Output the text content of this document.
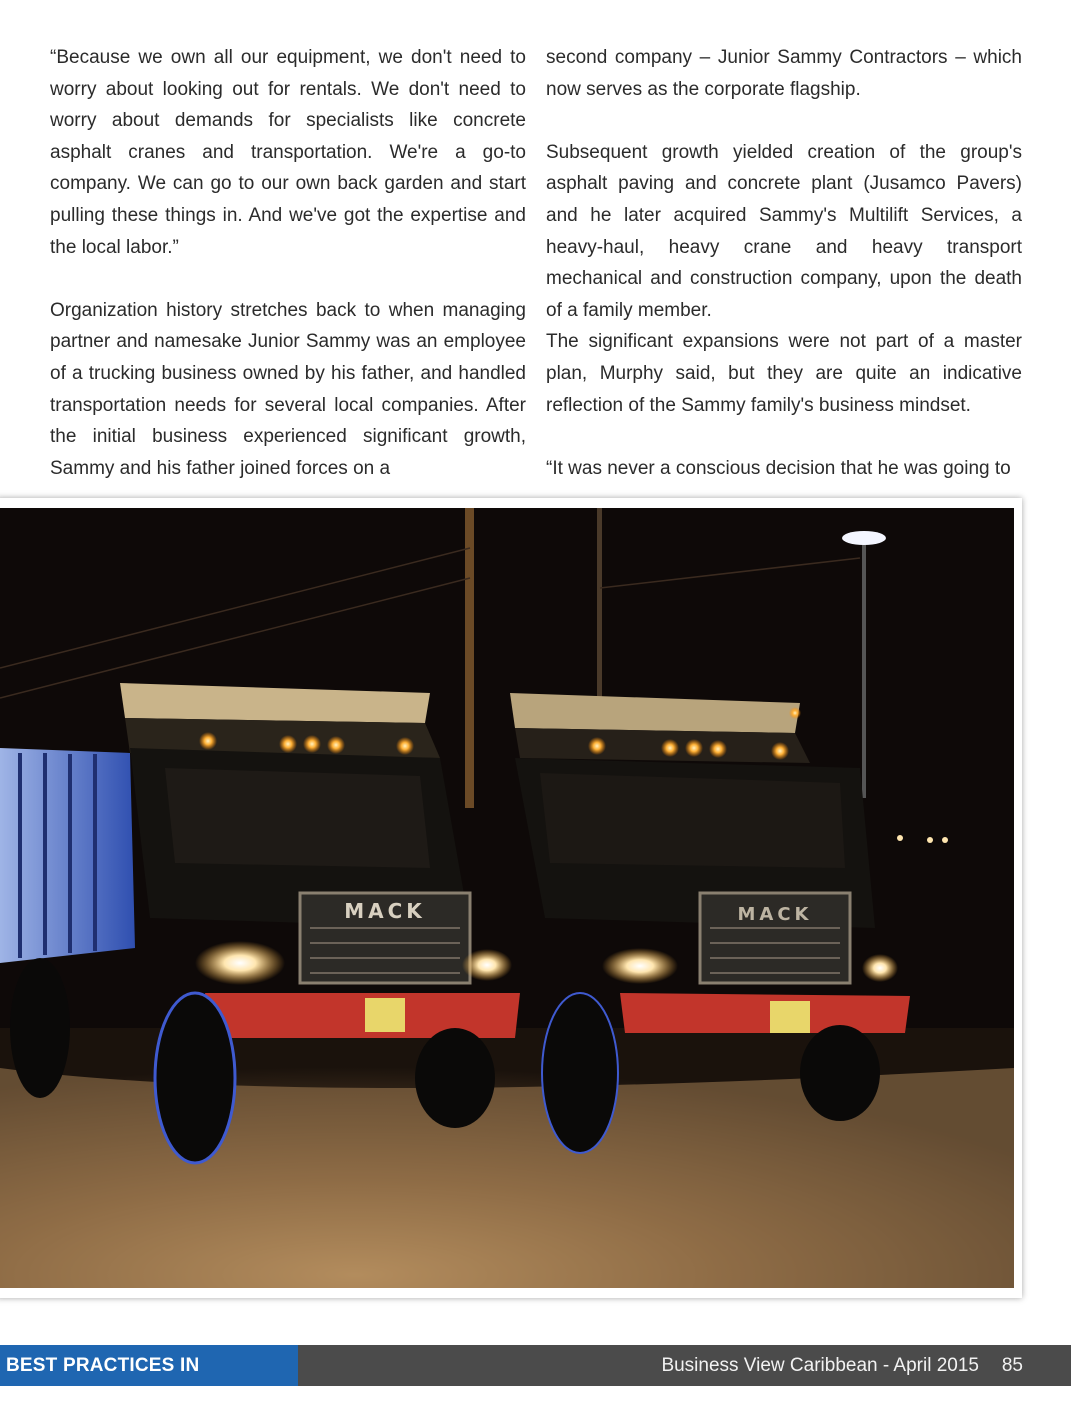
“Because we own all our equipment, we don't need to worry about looking out for rentals. We don't need to worry about demands for specialists like concrete asphalt cranes and transportation. We're a go-to company. We can go to our own back garden and start pulling these things in. And we've got the expertise and the local labor.”

Organization history stretches back to when managing partner and namesake Junior Sammy was an employee of a trucking business owned by his father, and handled transportation needs for several local companies. After the initial business experienced significant growth, Sammy and his father joined forces on a

second company – Junior Sammy Contractors – which now serves as the corporate flagship.

Subsequent growth yielded creation of the group's asphalt paving and concrete plant (Jusamco Pavers) and he later acquired Sammy's Multilift Services, a heavy-haul, heavy crane and heavy transport mechanical and construction company, upon the death of a family member.

The significant expansions were not part of a master plan, Murphy said, but they are quite an indicative reflection of the Sammy family's business mindset.

“It was never a conscious decision that he was going to

MACK	MACK
BEST PRACTICES IN BUSINESS
Business View Caribbean - April 2015 85
